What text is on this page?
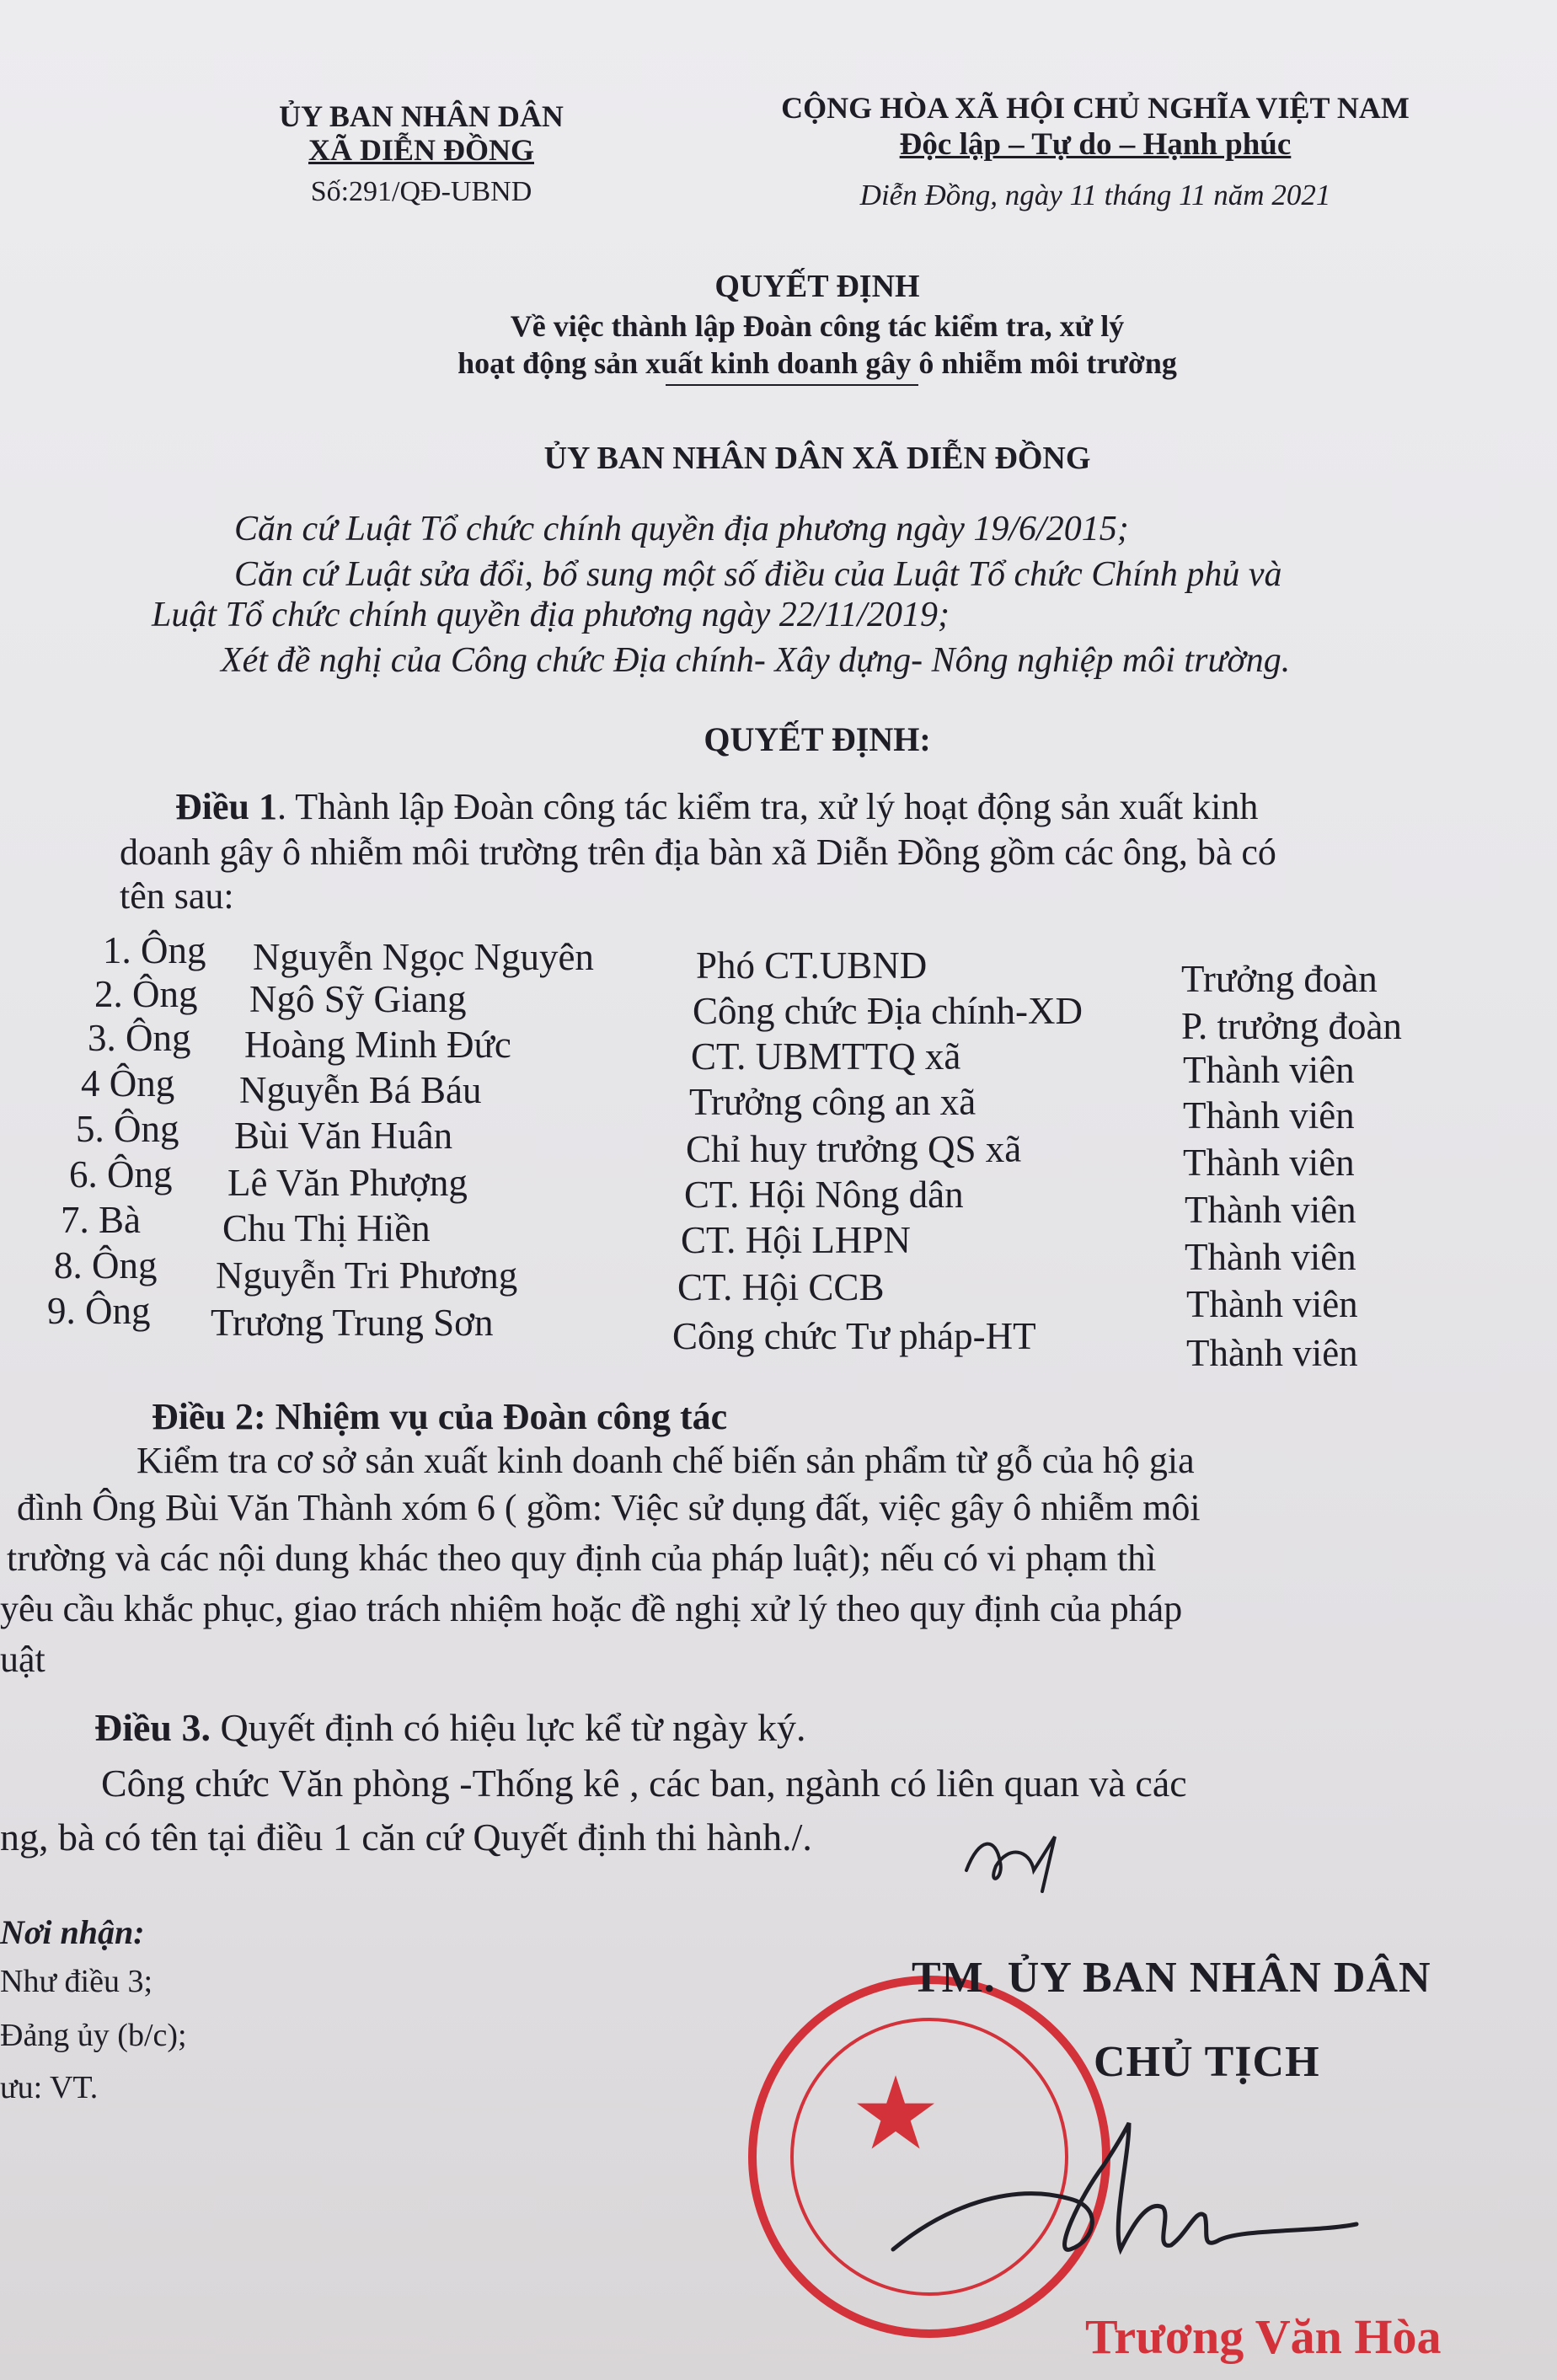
ỦY BAN NHÂN DÂN
XÃ DIỄN ĐỒNG
Số:291/QĐ-UBND
CỘNG HÒA XÃ HỘI CHỦ NGHĨA VIỆT NAM
Độc lập – Tự do – Hạnh phúc
Diễn Đồng, ngày 11 tháng 11 năm 2021
QUYẾT ĐỊNH
Về việc thành lập Đoàn công tác kiểm tra, xử lý
hoạt động sản xuất kinh doanh gây ô nhiễm môi trường
ỦY BAN NHÂN DÂN XÃ DIỄN ĐỒNG
Căn cứ Luật Tổ chức chính quyền địa phương ngày 19/6/2015;
Căn cứ Luật sửa đổi, bổ sung một số điều của Luật Tổ chức Chính phủ và
Luật Tổ chức chính quyền địa phương ngày 22/11/2019;
Xét đề nghị của Công chức Địa chính- Xây dựng- Nông nghiệp môi trường.
QUYẾT ĐỊNH:
Điều 1. Thành lập Đoàn công tác kiểm tra, xử lý hoạt động sản xuất kinh
doanh gây ô nhiễm môi trường trên địa bàn xã Diễn Đồng gồm các ông, bà có
tên sau:
1. Ông Nguyễn Ngọc Nguyên	Phó CT.UBND	Trưởng đoàn
2. Ông Ngô Sỹ Giang	Công chức Địa chính-XD	P. trưởng đoàn
3. Ông Hoàng Minh Đức	CT. UBMTTQ xã	Thành viên
4 Ông Nguyễn Bá Báu	Trưởng công an xã	Thành viên
5. Ông Bùi Văn Huân	Chỉ huy trưởng QS xã	Thành viên
6. Ông Lê Văn Phượng	CT. Hội Nông dân	Thành viên
7. Bà Chu Thị Hiền	CT. Hội LHPN	Thành viên
8. Ông Nguyễn Tri Phương	CT. Hội CCB	Thành viên
9. Ông Trương Trung Sơn	Công chức Tư pháp-HT	Thành viên
Điều 2: Nhiệm vụ của Đoàn công tác
Kiểm tra cơ sở sản xuất kinh doanh chế biến sản phẩm từ gỗ của hộ gia
đình Ông Bùi Văn Thành xóm 6 ( gồm: Việc sử dụng đất, việc gây ô nhiễm môi
trường và các nội dung khác theo quy định của pháp luật); nếu có vi phạm thì
yêu cầu khắc phục, giao trách nhiệm hoặc đề nghị xử lý theo quy định của pháp
uật
Điều 3. Quyết định có hiệu lực kể từ ngày ký.
Công chức Văn phòng -Thống kê , các ban, ngành có liên quan và các
ng, bà có tên tại điều 1 căn cứ Quyết định thi hành./.
Nơi nhận:
Như điều 3;
Đảng ủy (b/c);
ưu: VT.	★
TM. ỦY BAN NHÂN DÂN
CHỦ TỊCH
Trương Văn Hòa
